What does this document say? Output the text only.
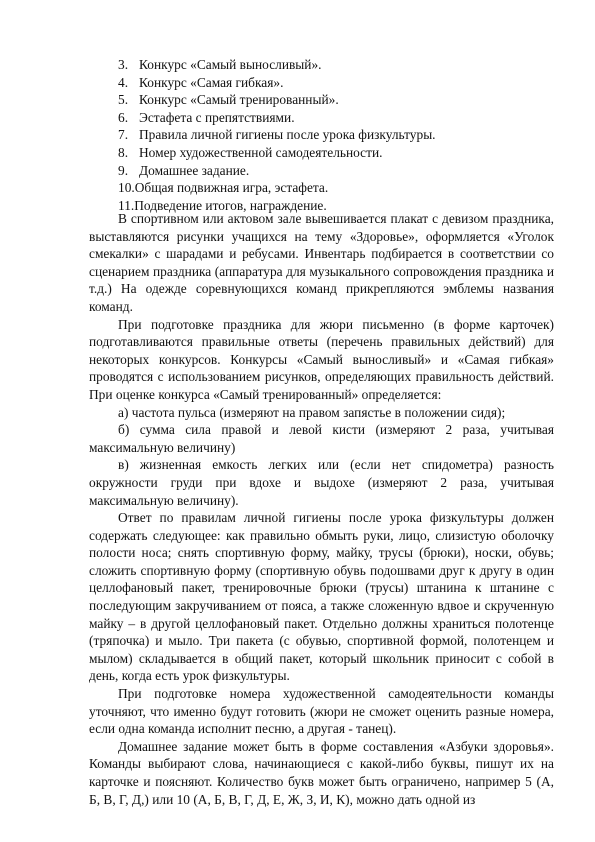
3. Конкурс «Самый выносливый».
4. Конкурс «Самая гибкая».
5. Конкурс «Самый тренированный».
6. Эстафета с препятствиями.
7. Правила личной гигиены после урока физкультуры.
8. Номер художественной самодеятельности.
9. Домашнее задание.
10.Общая подвижная игра, эстафета.
11.Подведение итогов, награждение.

В спортивном или актовом зале вывешивается плакат с девизом праздника, выставляются рисунки учащихся на тему «Здоровье», оформляется «Уголок смекалки» с шарадами и ребусами. Инвентарь подбирается в соответствии со сценарием праздника (аппаратура для музыкального сопровождения праздника и т.д.) На одежде соревнующихся команд прикрепляются эмблемы названия команд.

При подготовке праздника для жюри письменно (в форме карточек) подготавливаются правильные ответы (перечень правильных действий) для некоторых конкурсов. Конкурсы «Самый выносливый» и «Самая гибкая» проводятся с использованием рисунков, определяющих правильность действий. При оценке конкурса «Самый тренированный» определяется:

а) частота пульса (измеряют на правом запястье в положении сидя);

б) сумма сила правой и левой кисти (измеряют 2 раза, учитывая максимальную величину)

в) жизненная емкость легких или (если нет спидометра) разность окружности груди при вдохе и выдохе (измеряют 2 раза, учитывая максимальную величину).

Ответ по правилам личной гигиены после урока физкультуры должен содержать следующее: как правильно обмыть руки, лицо, слизистую оболочку полости носа; снять спортивную форму, майку, трусы (брюки), носки, обувь; сложить спортивную форму (спортивную обувь подошвами друг к другу в один целлофановый пакет, тренировочные брюки (трусы) штанина к штанине с последующим закручиванием от пояса, а также сложенную вдвое и скрученную майку – в другой целлофановый пакет. Отдельно должны храниться полотенце (тряпочка) и мыло. Три пакета (с обувью, спортивной формой, полотенцем и мылом) складывается в общий пакет, который школьник приносит с собой в день, когда есть урок физкультуры.

При подготовке номера художественной самодеятельности команды уточняют, что именно будут готовить (жюри не сможет оценить разные номера, если одна команда исполнит песню, а другая - танец).

Домашнее задание может быть в форме составления «Азбуки здоровья». Команды выбирают слова, начинающиеся с какой-либо буквы, пишут их на карточке и поясняют. Количество букв может быть ограничено, например 5 (А, Б, В, Г, Д,) или 10 (А, Б, В, Г, Д, Е, Ж, З, И, К), можно дать одной из
